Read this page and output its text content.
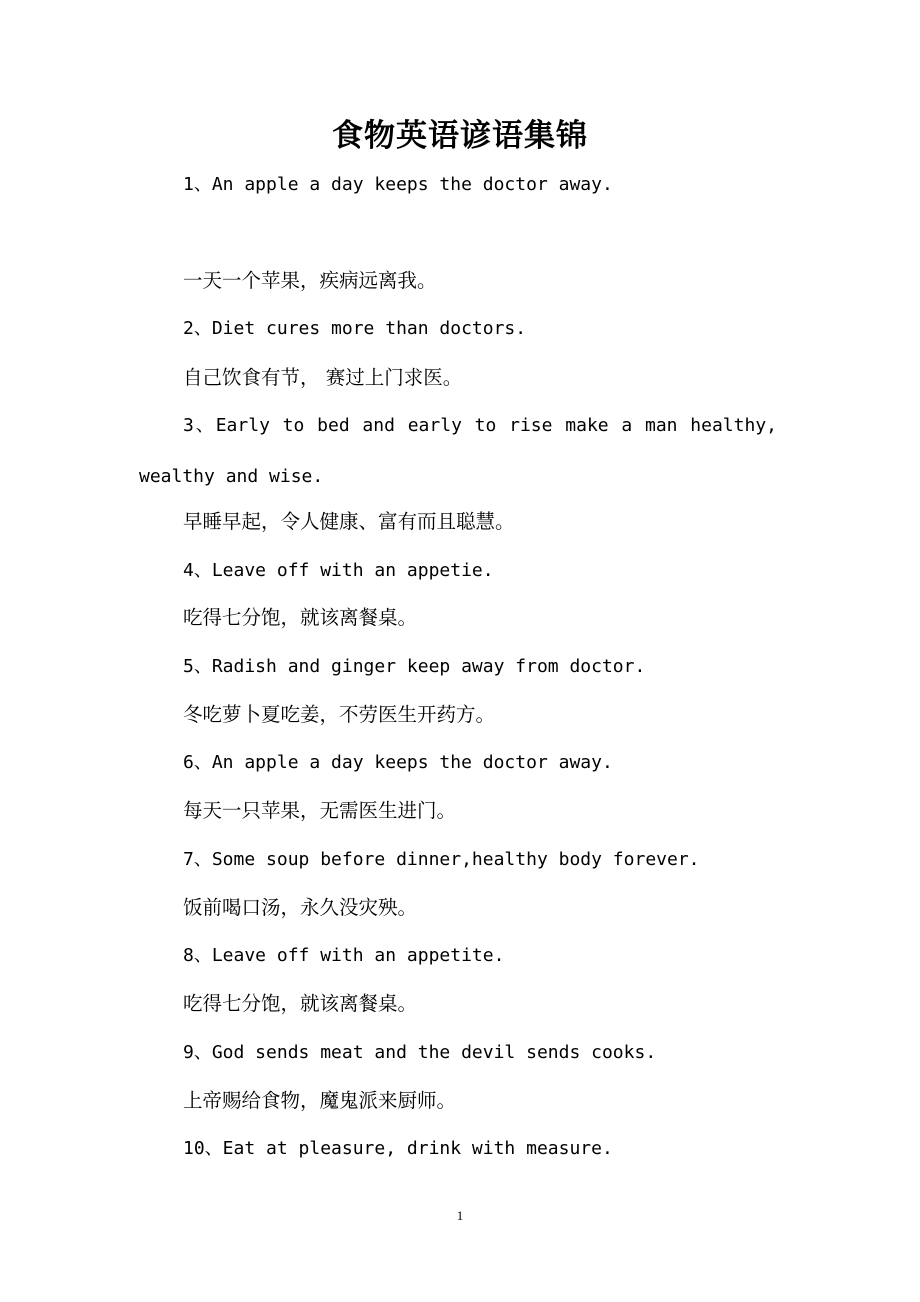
食物英语谚语集锦
1、An apple a day keeps the doctor away.
一天一个苹果，疾病远离我。
2、Diet cures more than doctors.
自己饮食有节， 赛过上门求医。
3、Early to bed and early to rise make a man healthy,
wealthy and wise.
早睡早起，令人健康、富有而且聪慧。
4、Leave off with an appetie.
吃得七分饱，就该离餐桌。
5、Radish and ginger keep away from doctor.
冬吃萝卜夏吃姜，不劳医生开药方。
6、An apple a day keeps the doctor away.
每天一只苹果，无需医生进门。
7、Some soup before dinner,healthy body forever.
饭前喝口汤，永久没灾殃。
8、Leave off with an appetite.
吃得七分饱，就该离餐桌。
9、God sends meat and the devil sends cooks.
上帝赐给食物，魔鬼派来厨师。
10、Eat at pleasure, drink with measure.
1
